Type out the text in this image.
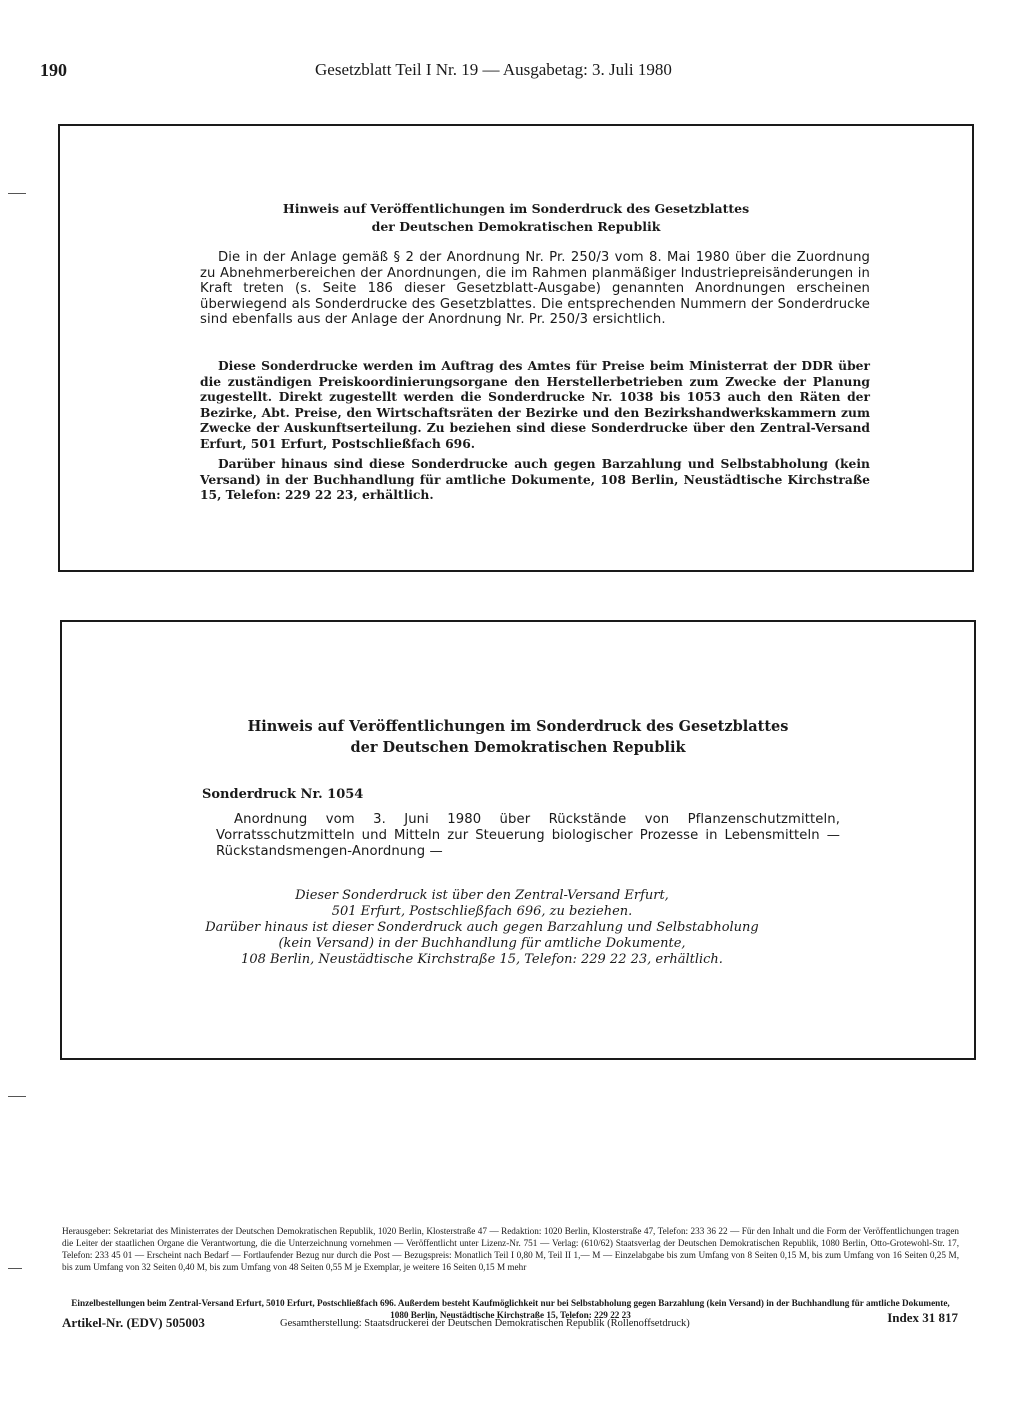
190	Gesetzblatt Teil I Nr. 19 — Ausgabetag: 3. Juli 1980
Hinweis auf Veröffentlichungen im Sonderdruck des Gesetzblattes
der Deutschen Demokratischen Republik
Die in der Anlage gemäß § 2 der Anordnung Nr. Pr. 250/3 vom 8. Mai 1980 über die Zuordnung zu Abnehmerbereichen der Anordnungen, die im Rahmen planmäßiger Industriepreisänderungen in Kraft treten (s. Seite 186 dieser Gesetzblatt-Ausgabe) genannten Anordnungen erscheinen überwiegend als Sonderdrucke des Gesetzblattes. Die entsprechenden Nummern der Sonderdrucke sind ebenfalls aus der Anlage der Anordnung Nr. Pr. 250/3 ersichtlich.
Diese Sonderdrucke werden im Auftrag des Amtes für Preise beim Ministerrat der DDR über die zuständigen Preiskoordinierungsorgane den Herstellerbetrieben zum Zwecke der Planung zugestellt. Direkt zugestellt werden die Sonderdrucke Nr. 1038 bis 1053 auch den Räten der Bezirke, Abt. Preise, den Wirtschaftsräten der Bezirke und den Bezirkshandwerkskammern zum Zwecke der Auskunftserteilung. Zu beziehen sind diese Sonderdrucke über den Zentral-Versand Erfurt, 501 Erfurt, Postschließfach 696.
Darüber hinaus sind diese Sonderdrucke auch gegen Barzahlung und Selbstabholung (kein Versand) in der Buchhandlung für amtliche Dokumente, 108 Berlin, Neustädtische Kirchstraße 15, Telefon: 229 22 23, erhältlich.
Hinweis auf Veröffentlichungen im Sonderdruck des Gesetzblattes
der Deutschen Demokratischen Republik
Sonderdruck Nr. 1054
Anordnung vom 3. Juni 1980 über Rückstände von Pflanzenschutzmitteln, Vorratsschutzmitteln und Mitteln zur Steuerung biologischer Prozesse in Lebensmitteln — Rückstandsmengen-Anordnung —
Dieser Sonderdruck ist über den Zentral-Versand Erfurt,
501 Erfurt, Postschließfach 696, zu beziehen.
Darüber hinaus ist dieser Sonderdruck auch gegen Barzahlung und Selbstabholung
(kein Versand) in der Buchhandlung für amtliche Dokumente,
108 Berlin, Neustädtische Kirchstraße 15, Telefon: 229 22 23, erhältlich.
Herausgeber: Sekretariat des Ministerrates der Deutschen Demokratischen Republik, 1020 Berlin, Klosterstraße 47 — Redaktion: 1020 Berlin, Klosterstraße 47, Telefon: 233 36 22 — Für den Inhalt und die Form der Veröffentlichungen tragen die Leiter der staatlichen Organe die Verantwortung, die die Unterzeichnung vornehmen — Veröffentlicht unter Lizenz-Nr. 751 — Verlag: (610/62) Staatsverlag der Deutschen Demokratischen Republik, 1080 Berlin, Otto-Grotewohl-Str. 17, Telefon: 233 45 01 — Erscheint nach Bedarf — Fortlaufender Bezug nur durch die Post — Bezugspreis: Monatlich Teil I 0,80 M, Teil II 1,— M — Einzelabgabe bis zum Umfang von 8 Seiten 0,15 M, bis zum Umfang von 16 Seiten 0,25 M, bis zum Umfang von 32 Seiten 0,40 M, bis zum Umfang von 48 Seiten 0,55 M je Exemplar, je weitere 16 Seiten 0,15 M mehr
Einzelbestellungen beim Zentral-Versand Erfurt, 5010 Erfurt, Postschließfach 696. Außerdem besteht Kaufmöglichkeit nur bei Selbstabholung gegen Barzahlung (kein Versand) in der Buchhandlung für amtliche Dokumente, 1080 Berlin, Neustädtische Kirchstraße 15, Telefon: 229 22 23
Artikel-Nr. (EDV) 505003	Gesamtherstellung: Staatsdruckerei der Deutschen Demokratischen Republik (Rollenoffsetdruck)	Index 31 817
